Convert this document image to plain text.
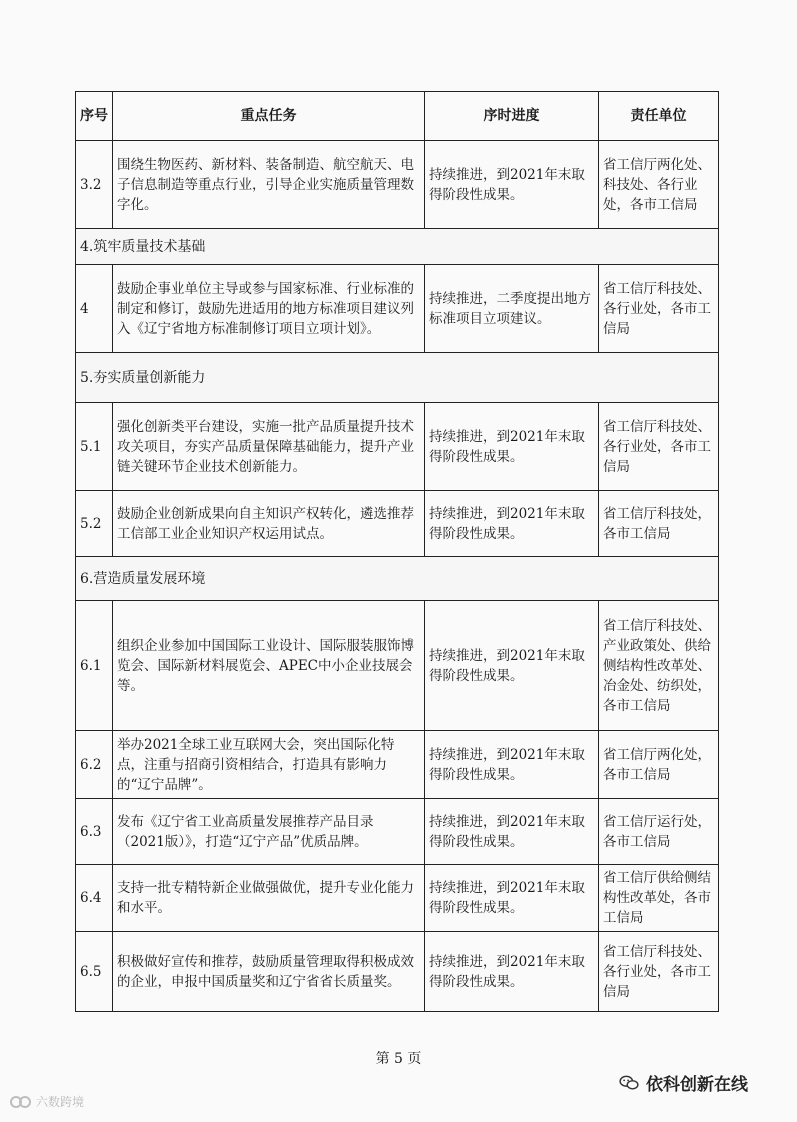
序号	重点任务	序时进度	责任单位
3.2	围绕生物医药、新材料、装备制造、航空航天、电子信息制造等重点行业，引导企业实施质量管理数字化。	持续推进，到2021年末取得阶段性成果。	省工信厅两化处、科技处、各行业处，各市工信局
4.筑牢质量技术基础			
4	鼓励企事业单位主导或参与国家标准、行业标准的制定和修订，鼓励先进适用的地方标准项目建议列入《辽宁省地方标准制修订项目立项计划》。	持续推进，二季度提出地方标准项目立项建议。	省工信厅科技处、各行业处，各市工信局
5.夯实质量创新能力			
5.1	强化创新类平台建设，实施一批产品质量提升技术攻关项目，夯实产品质量保障基础能力，提升产业链关键环节企业技术创新能力。	持续推进，到2021年末取得阶段性成果。	省工信厅科技处、各行业处，各市工信局
5.2	鼓励企业创新成果向自主知识产权转化，遴选推荐工信部工业企业知识产权运用试点。	持续推进，到2021年末取得阶段性成果。	省工信厅科技处，各市工信局
6.营造质量发展环境			
6.1	组织企业参加中国国际工业设计、国际服装服饰博览会、国际新材料展览会、APEC中小企业技展会等。	持续推进，到2021年末取得阶段性成果。	省工信厅科技处、产业政策处、供给侧结构性改革处、冶金处、纺织处，各市工信局
6.2	举办2021全球工业互联网大会，突出国际化特点，注重与招商引资相结合，打造具有影响力的“辽宁品牌”。	持续推进，到2021年末取得阶段性成果。	省工信厅两化处，各市工信局
6.3	发布《辽宁省工业高质量发展推荐产品目录（2021版）》，打造“辽宁产品”优质品牌。	持续推进，到2021年末取得阶段性成果。	省工信厅运行处，各市工信局
6.4	支持一批专精特新企业做强做优，提升专业化能力和水平。	持续推进，到2021年末取得阶段性成果。	省工信厅供给侧结构性改革处，各市工信局
6.5	积极做好宣传和推荐，鼓励质量管理取得积极成效的企业，申报中国质量奖和辽宁省省长质量奖。	持续推进，到2021年末取得阶段性成果。	省工信厅科技处、各行业处，各市工信局
第 5 页
六数跨境
依科创新在线
